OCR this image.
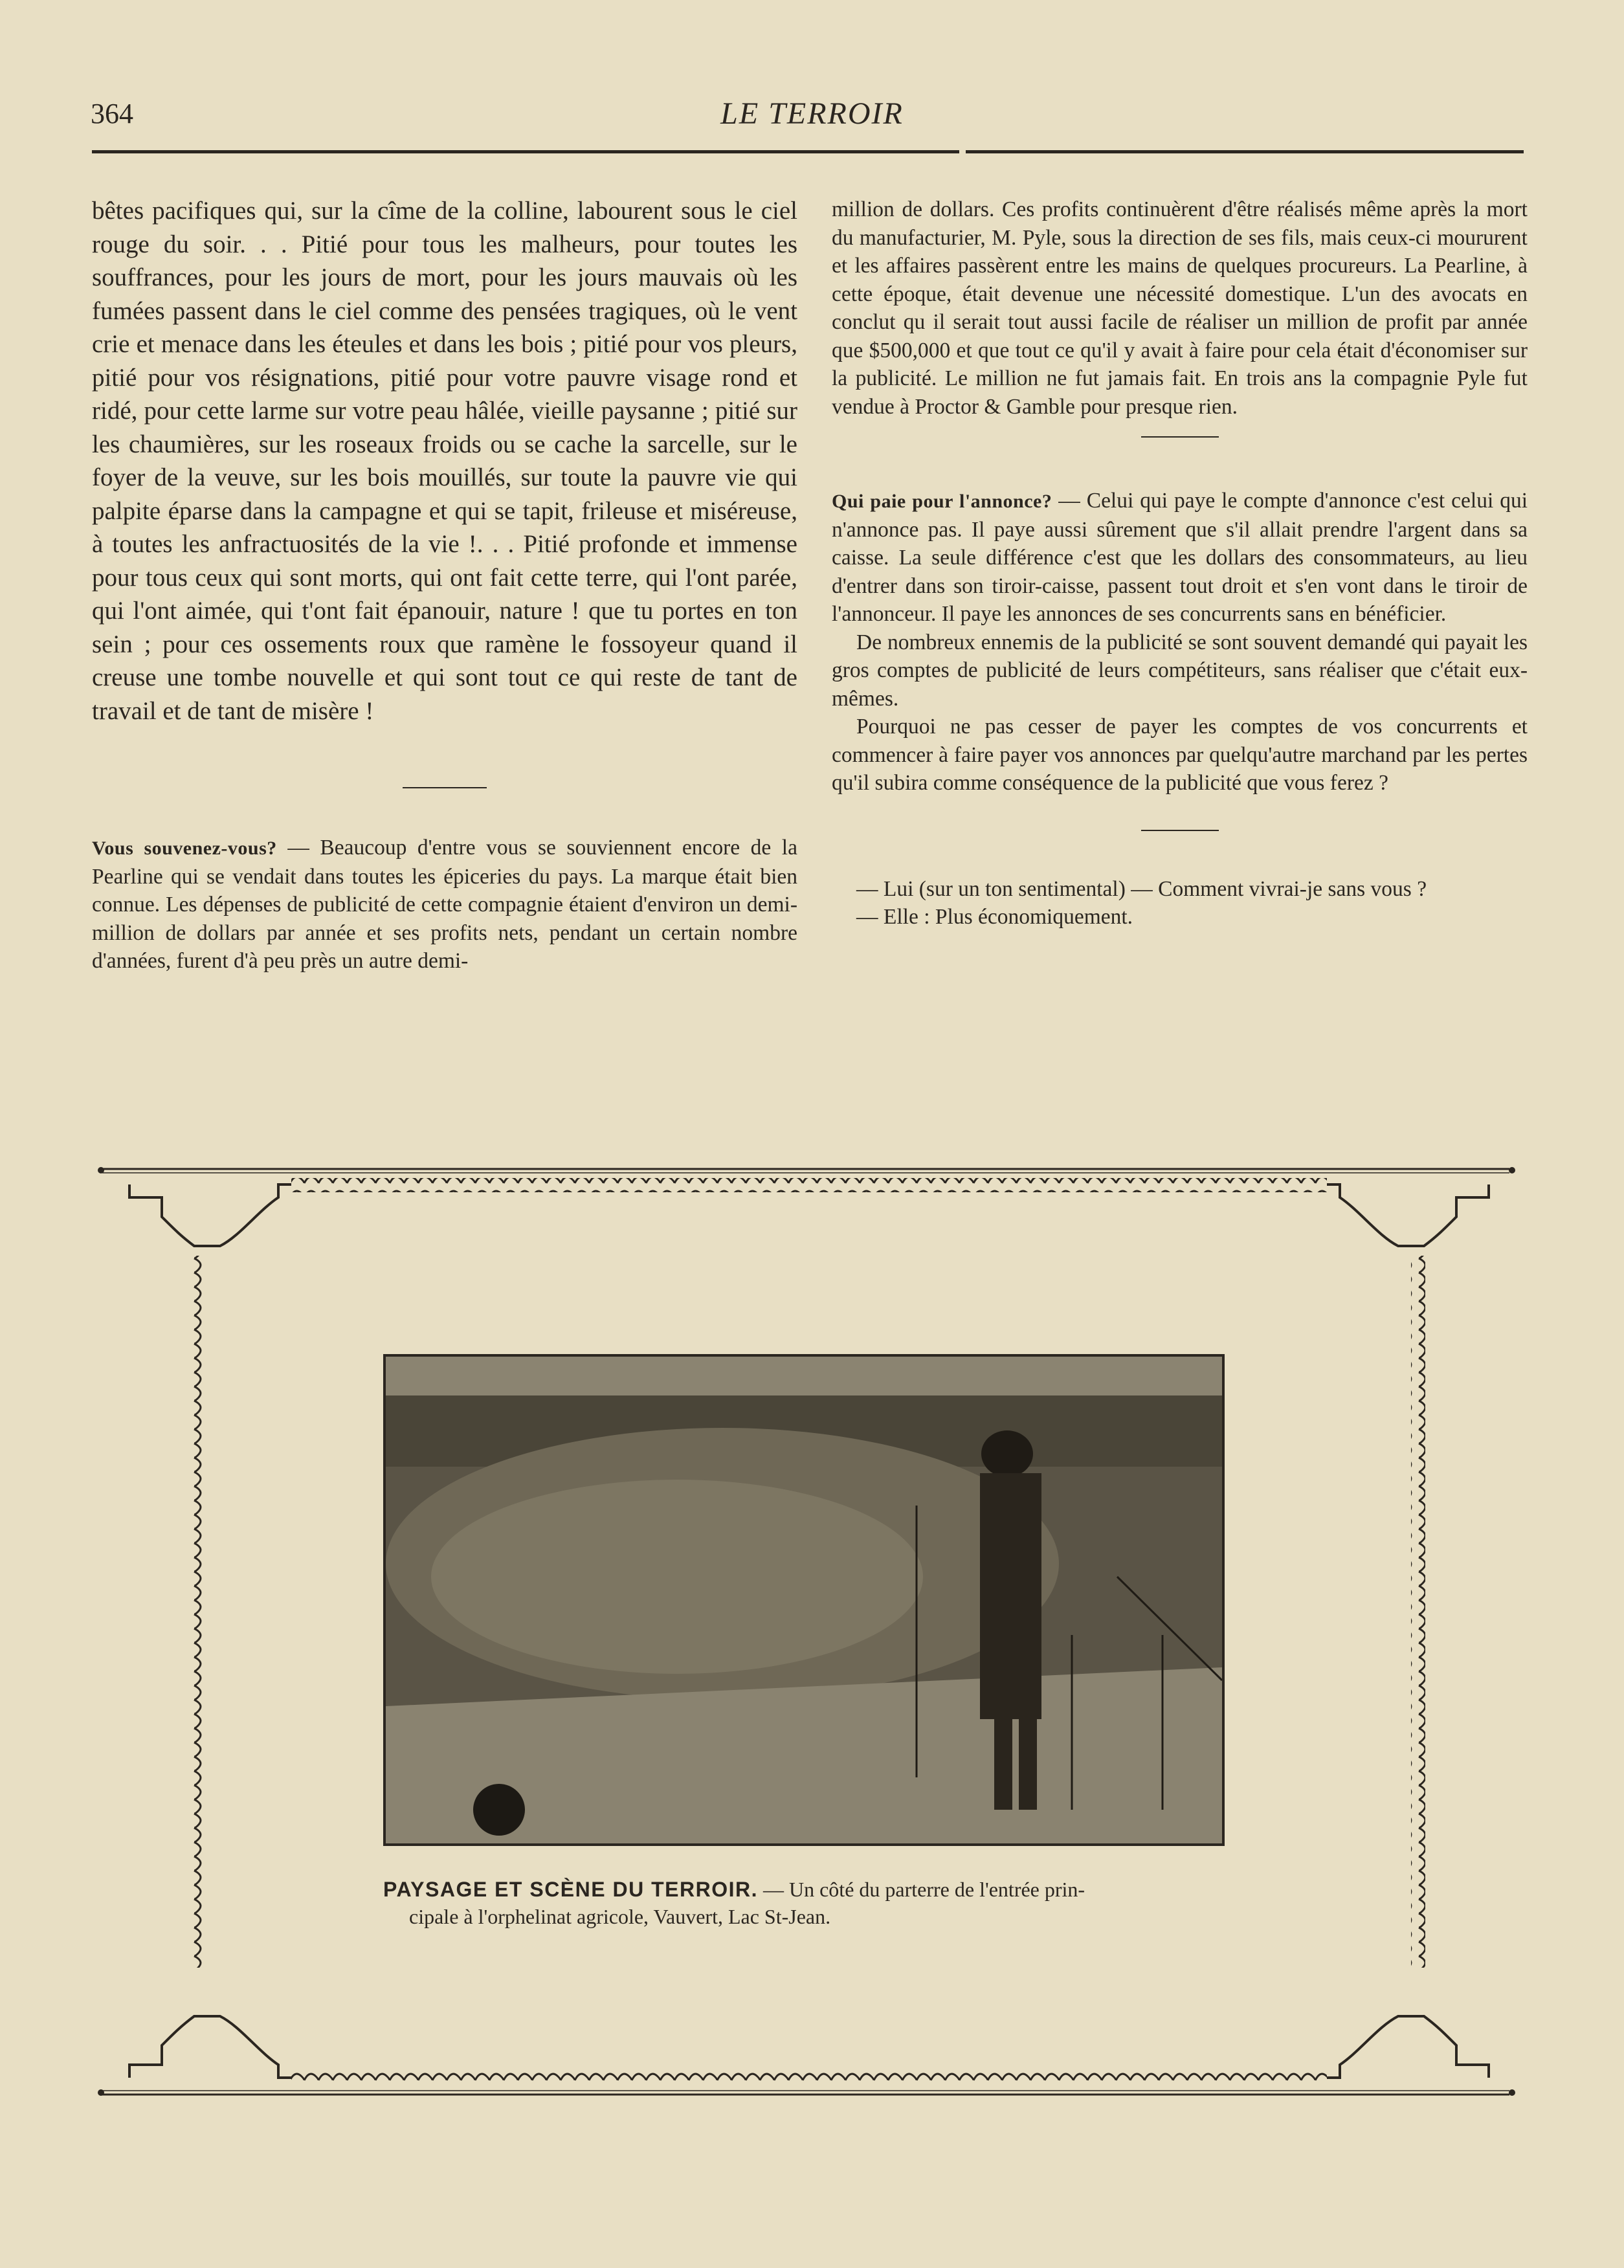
364	LE TERROIR

bêtes pacifiques qui, sur la cîme de la colline, labourent sous le ciel rouge du soir. . . Pitié pour tous les malheurs, pour toutes les souffrances, pour les jours de mort, pour les jours mauvais où les fumées passent dans le ciel comme des pensées tragiques, où le vent crie et menace dans les éteules et dans les bois ; pitié pour vos pleurs, pitié pour vos résignations, pitié pour votre pauvre visage rond et ridé, pour cette larme sur votre peau hâlée, vieille paysanne ; pitié sur les chaumières, sur les roseaux froids ou se cache la sarcelle, sur le foyer de la veuve, sur les bois mouillés, sur toute la pauvre vie qui palpite éparse dans la campagne et qui se tapit, frileuse et miséreuse, à toutes les anfractuosités de la vie !. . . Pitié profonde et immense pour tous ceux qui sont morts, qui ont fait cette terre, qui l'ont parée, qui l'ont aimée, qui t'ont fait épanouir, nature ! que tu portes en ton sein ; pour ces ossements roux que ramène le fossoyeur quand il creuse une tombe nouvelle et qui sont tout ce qui reste de tant de travail et de tant de misère !

Vous souvenez-vous? — Beaucoup d'entre vous se souviennent encore de la Pearline qui se vendait dans toutes les épiceries du pays. La marque était bien connue. Les dépenses de publicité de cette compagnie étaient d'environ un demi-million de dollars par année et ses profits nets, pendant un certain nombre d'années, furent d'à peu près un autre demi-

million de dollars. Ces profits continuèrent d'être réalisés même après la mort du manufacturier, M. Pyle, sous la direction de ses fils, mais ceux-ci moururent et les affaires passèrent entre les mains de quelques procureurs. La Pearline, à cette époque, était devenue une nécessité domestique. L'un des avocats en conclut qu il serait tout aussi facile de réaliser un million de profit par année que $500,000 et que tout ce qu'il y avait à faire pour cela était d'économiser sur la publicité. Le million ne fut jamais fait. En trois ans la compagnie Pyle fut vendue à Proctor & Gamble pour presque rien.

Qui paie pour l'annonce? — Celui qui paye le compte d'annonce c'est celui qui n'annonce pas. Il paye aussi sûrement que s'il allait prendre l'argent dans sa caisse. La seule différence c'est que les dollars des consommateurs, au lieu d'entrer dans son tiroir-caisse, passent tout droit et s'en vont dans le tiroir de l'annonceur. Il paye les annonces de ses concurrents sans en bénéficier.

De nombreux ennemis de la publicité se sont souvent demandé qui payait les gros comptes de publicité de leurs compétiteurs, sans réaliser que c'était eux-mêmes.

Pourquoi ne pas cesser de payer les comptes de vos concurrents et commencer à faire payer vos annonces par quelqu'autre marchand par les pertes qu'il subira comme conséquence de la publicité que vous ferez ?

— Lui (sur un ton sentimental) — Comment vivrai-je sans vous ?

— Elle : Plus économiquement.

PAYSAGE ET SCÈNE DU TERROIR. — Un côté du parterre de l'entrée prin-
cipale à l'orphelinat agricole, Vauvert, Lac St-Jean.
